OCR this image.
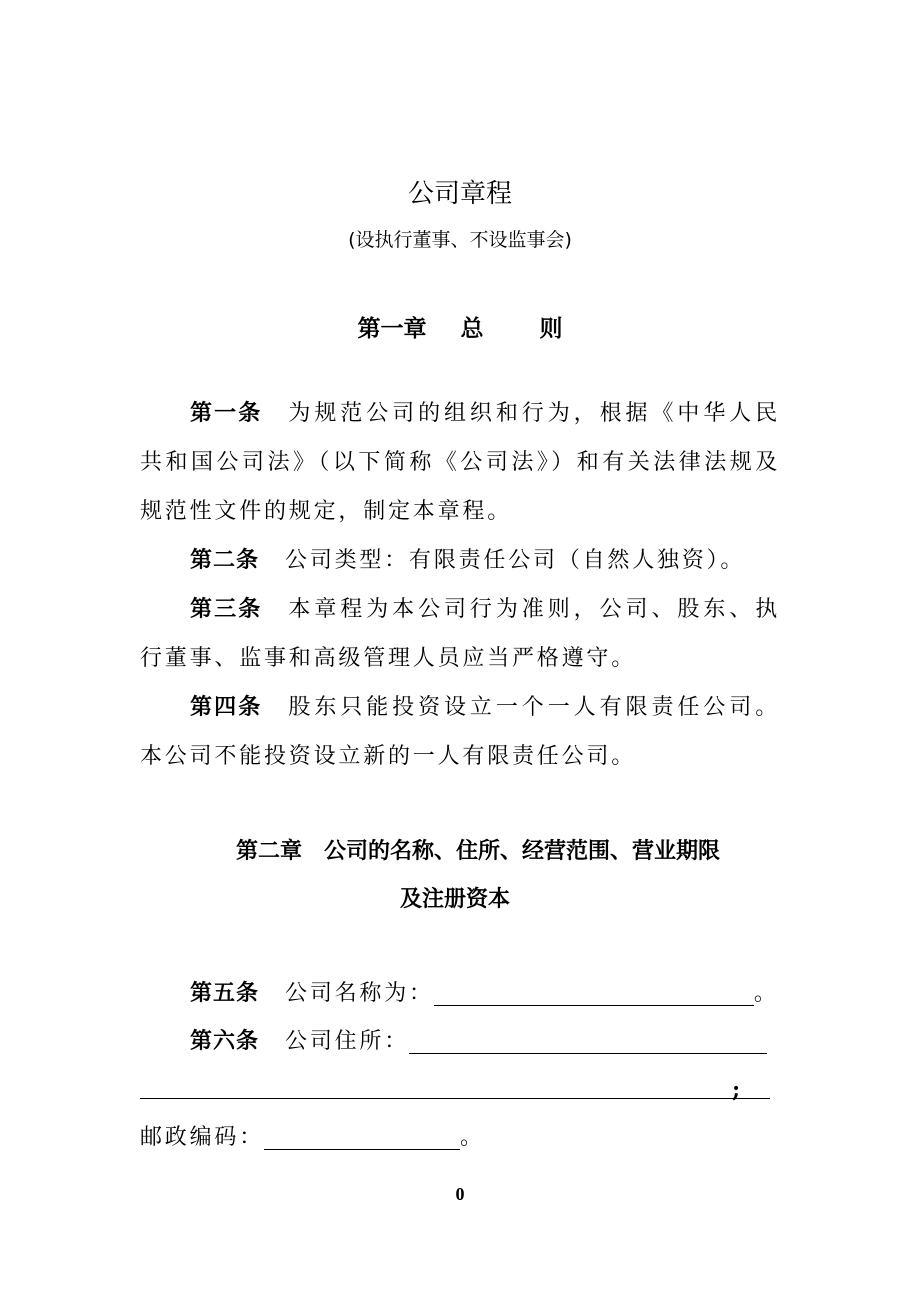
公司章程
(设执行董事、不设监事会)
第一章 总 则

第一条 为规范公司的组织和行为，根据《中华人民共和国公司法》（以下简称《公司法》）和有关法律法规及规范性文件的规定，制定本章程。

第二条 公司类型：有限责任公司（自然人独资）。

第三条 本章程为本公司行为准则，公司、股东、执行董事、监事和高级管理人员应当严格遵守。

第四条 股东只能投资设立一个一人有限责任公司。本公司不能投资设立新的一人有限责任公司。

第二章 公司的名称、住所、经营范围、营业期限
及注册资本
第五条 公司名称为：	。
第六条 公司住所：
;
邮政编码：	。
0
